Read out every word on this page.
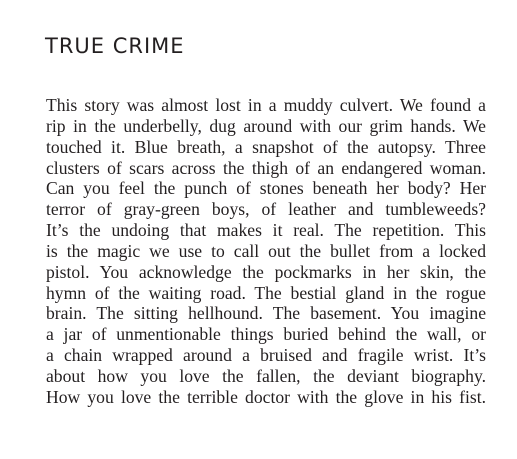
TRUE CRIME
This story was almost lost in a muddy culvert. We found a
rip in the underbelly, dug around with our grim hands. We
touched it. Blue breath, a snapshot of the autopsy. Three
clusters of scars across the thigh of an endangered woman.
Can you feel the punch of stones beneath her body? Her
terror of gray-green boys, of leather and tumbleweeds?
It’s the undoing that makes it real. The repetition. This
is the magic we use to call out the bullet from a locked
pistol. You acknowledge the pockmarks in her skin, the
hymn of the waiting road. The bestial gland in the rogue
brain. The sitting hellhound. The basement. You imagine
a jar of unmentionable things buried behind the wall, or
a chain wrapped around a bruised and fragile wrist. It’s
about how you love the fallen, the deviant biography.
How you love the terrible doctor with the glove in his fist.
